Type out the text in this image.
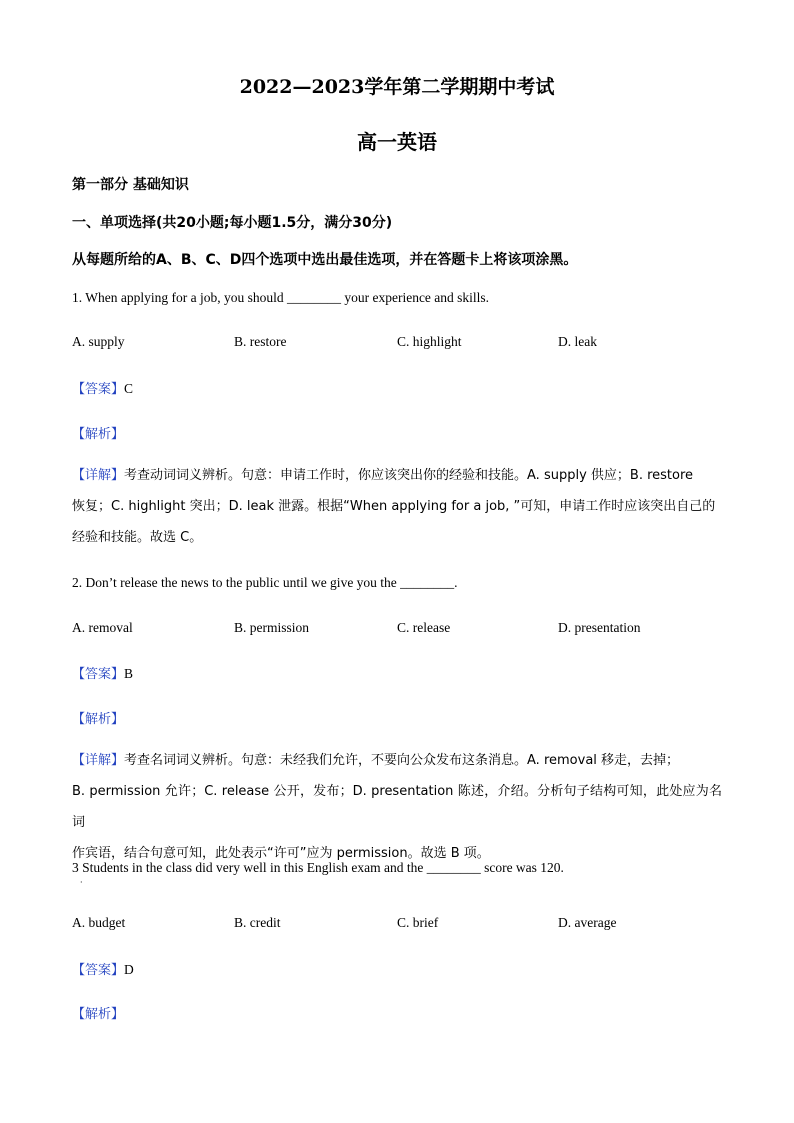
2022—2023学年第二学期期中考试
高一英语
第一部分 基础知识
一、单项选择(共20小题;每小题1.5分，满分30分)
从每题所给的A、B、C、D四个选项中选出最佳选项，并在答题卡上将该项涂黑。
1. When applying for a job, you should ________ your experience and skills.
A. supply	B. restore	C. highlight	D. leak
【答案】C
【解析】
【详解】考查动词词义辨析。句意：申请工作时，你应该突出你的经验和技能。A. supply 供应；B. restore
恢复；C. highlight 突出；D. leak 泄露。根据“When applying for a job, ”可知，申请工作时应该突出自己的
经验和技能。故选 C。
2. Don’t release the news to the public until we give you the ________.
A. removal	B. permission	C. release	D. presentation
【答案】B
【解析】
【详解】考查名词词义辨析。句意：未经我们允许，不要向公众发布这条消息。A. removal 移走，去掉；
B. permission 允许；C. release 公开，发布；D. presentation 陈述，介绍。分析句子结构可知，此处应为名词
作宾语，结合句意可知，此处表示“许可”应为 permission。故选 B 项。
3 Students in the class did very well in this English exam and the ________ score was 120.
·
A. budget	B. credit	C. brief	D. average
【答案】D
【解析】
